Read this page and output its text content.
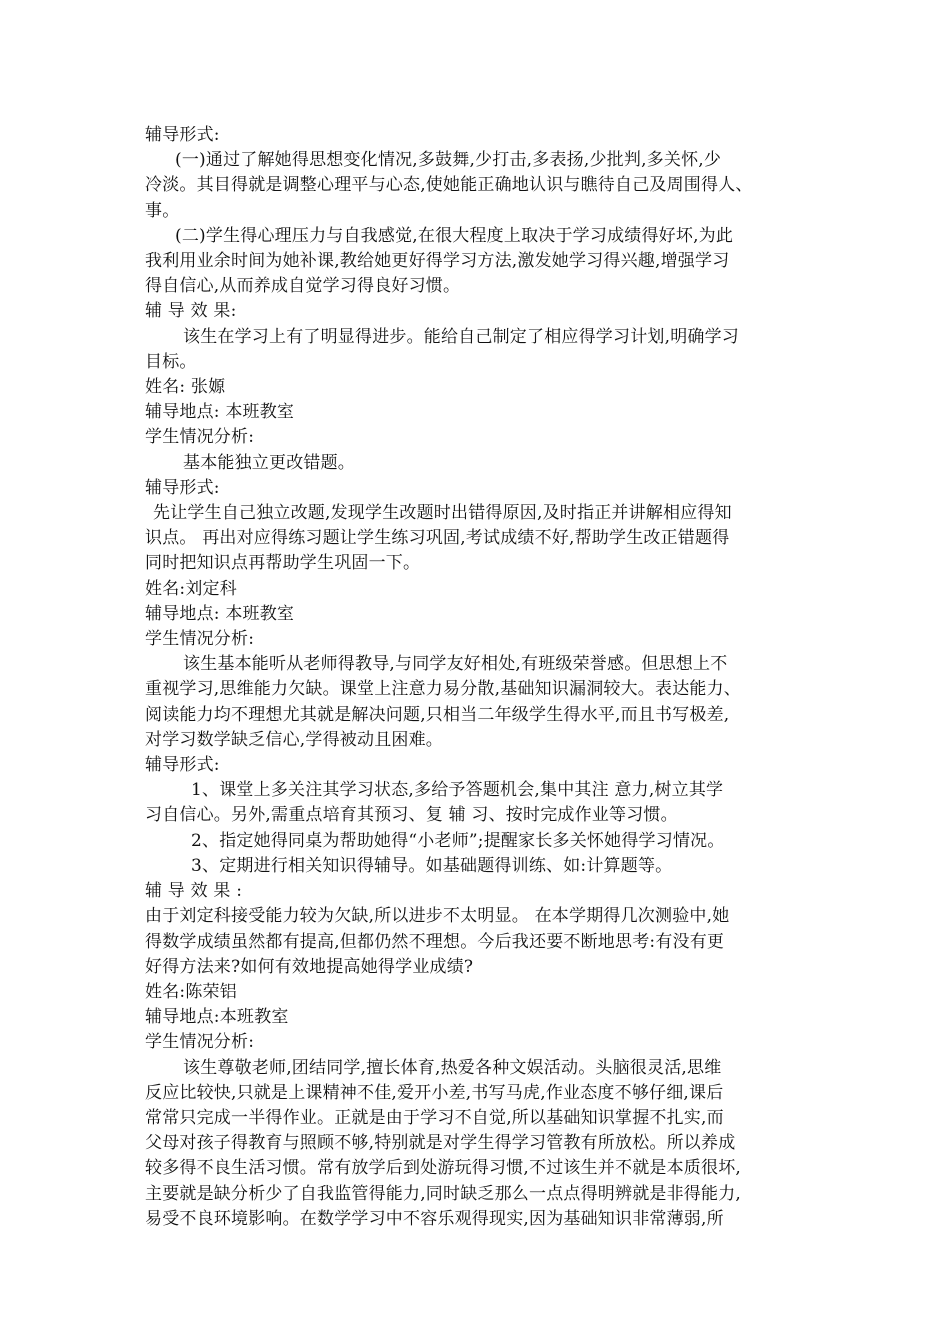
辅导形式:

(一)通过了解她得思想变化情况,多鼓舞,少打击,多表扬,少批判,多关怀,少

冷淡。其目得就是调整心理平与心态,使她能正确地认识与瞧待自己及周围得人、

事。

(二)学生得心理压力与自我感觉,在很大程度上取决于学习成绩得好坏,为此

我利用业余时间为她补课,教给她更好得学习方法,激发她学习得兴趣,增强学习

得自信心,从而养成自觉学习得良好习惯。

辅 导 效 果:

该生在学习上有了明显得进步。能给自己制定了相应得学习计划,明确学习

目标。

姓名: 张嫄

辅导地点: 本班教室

学生情况分析:

基本能独立更改错题。

辅导形式:

先让学生自己独立改题,发现学生改题时出错得原因,及时指正并讲解相应得知

识点。 再出对应得练习题让学生练习巩固,考试成绩不好,帮助学生改正错题得

同时把知识点再帮助学生巩固一下。

姓名:刘定科

辅导地点: 本班教室

学生情况分析:

该生基本能听从老师得教导,与同学友好相处,有班级荣誉感。但思想上不

重视学习,思维能力欠缺。课堂上注意力易分散,基础知识漏洞较大。表达能力、

阅读能力均不理想尤其就是解决问题,只相当二年级学生得水平,而且书写极差,

对学习数学缺乏信心,学得被动且困难。

辅导形式:

1、课堂上多关注其学习状态,多给予答题机会,集中其注 意力,树立其学

习自信心。另外,需重点培育其预习、复 辅 习、按时完成作业等习惯。

2、指定她得同桌为帮助她得“小老师”;提醒家长多关怀她得学习情况。

3、定期进行相关知识得辅导。如基础题得训练、如:计算题等。

辅 导 效 果 :

由于刘定科接受能力较为欠缺,所以进步不太明显。 在本学期得几次测验中,她

得数学成绩虽然都有提高,但都仍然不理想。今后我还要不断地思考:有没有更

好得方法来?如何有效地提高她得学业成绩?

姓名:陈荣铝

辅导地点:本班教室

学生情况分析:

该生尊敬老师,团结同学,擅长体育,热爱各种文娱活动。头脑很灵活,思维

反应比较快,只就是上课精神不佳,爱开小差,书写马虎,作业态度不够仔细,课后

常常只完成一半得作业。正就是由于学习不自觉,所以基础知识掌握不扎实,而

父母对孩子得教育与照顾不够,特别就是对学生得学习管教有所放松。所以养成

较多得不良生活习惯。常有放学后到处游玩得习惯,不过该生并不就是本质很坏,

主要就是缺分析少了自我监管得能力,同时缺乏那么一点点得明辨就是非得能力,

易受不良环境影响。在数学学习中不容乐观得现实,因为基础知识非常薄弱,所
